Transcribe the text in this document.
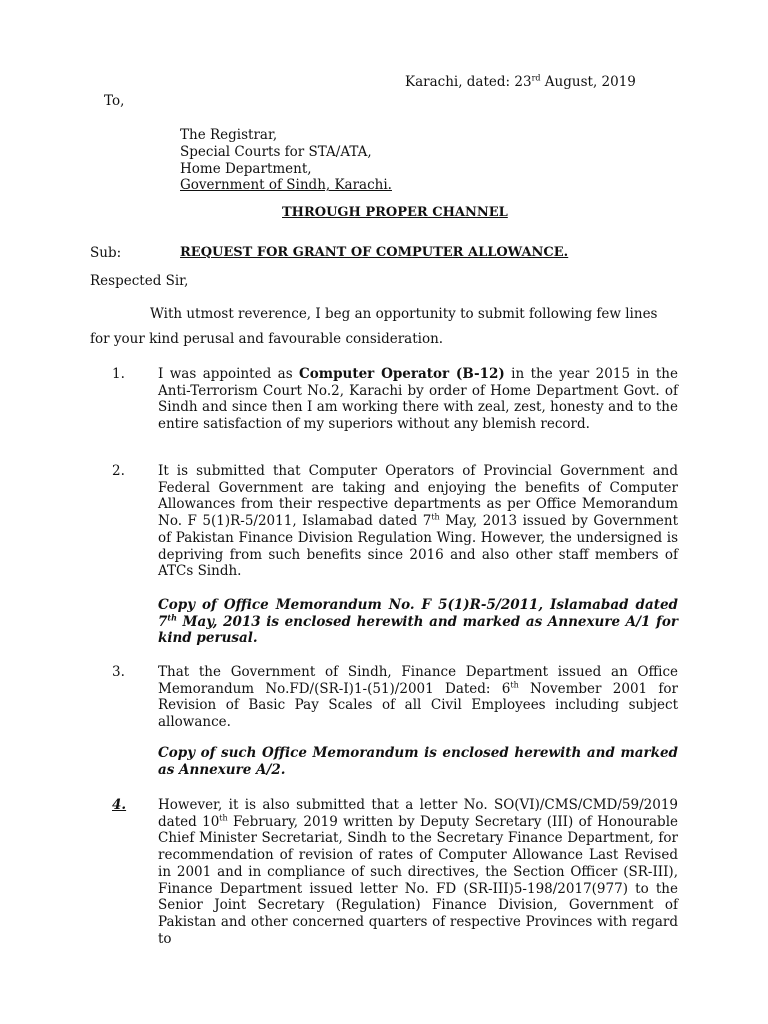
Karachi, dated: 23rd August, 2019
To,
The Registrar,
Special Courts for STA/ATA,
Home Department,
Government of Sindh, Karachi.
THROUGH PROPER CHANNEL
Sub:	REQUEST FOR GRANT OF COMPUTER ALLOWANCE.
Respected Sir,
With utmost reverence, I beg an opportunity to submit following few lines
for your kind perusal and favourable consideration.
1. I was appointed as Computer Operator (B-12) in the year 2015 in the Anti-Terrorism Court No.2, Karachi by order of Home Department Govt. of Sindh and since then I am working there with zeal, zest, honesty and to the entire satisfaction of my superiors without any blemish record.
2. It is submitted that Computer Operators of Provincial Government and Federal Government are taking and enjoying the benefits of Computer Allowances from their respective departments as per Office Memorandum No. F 5(1)R-5/2011, Islamabad dated 7th May, 2013 issued by Government of Pakistan Finance Division Regulation Wing. However, the undersigned is depriving from such benefits since 2016 and also other staff members of ATCs Sindh.
Copy of Office Memorandum No. F 5(1)R-5/2011, Islamabad dated 7th May, 2013 is enclosed herewith and marked as Annexure A/1 for kind perusal.
3. That the Government of Sindh, Finance Department issued an Office Memorandum No.FD/(SR-I)1-(51)/2001 Dated: 6th November 2001 for Revision of Basic Pay Scales of all Civil Employees including subject allowance.
Copy of such Office Memorandum is enclosed herewith and marked as Annexure A/2.
4. However, it is also submitted that a letter No. SO(VI)/CMS/CMD/59/2019 dated 10th February, 2019 written by Deputy Secretary (III) of Honourable Chief Minister Secretariat, Sindh to the Secretary Finance Department, for recommendation of revision of rates of Computer Allowance Last Revised in 2001 and in compliance of such directives, the Section Officer (SR-III), Finance Department issued letter No. FD (SR-III)5-198/2017(977) to the Senior Joint Secretary (Regulation) Finance Division, Government of Pakistan and other concerned quarters of respective Provinces with regard to
